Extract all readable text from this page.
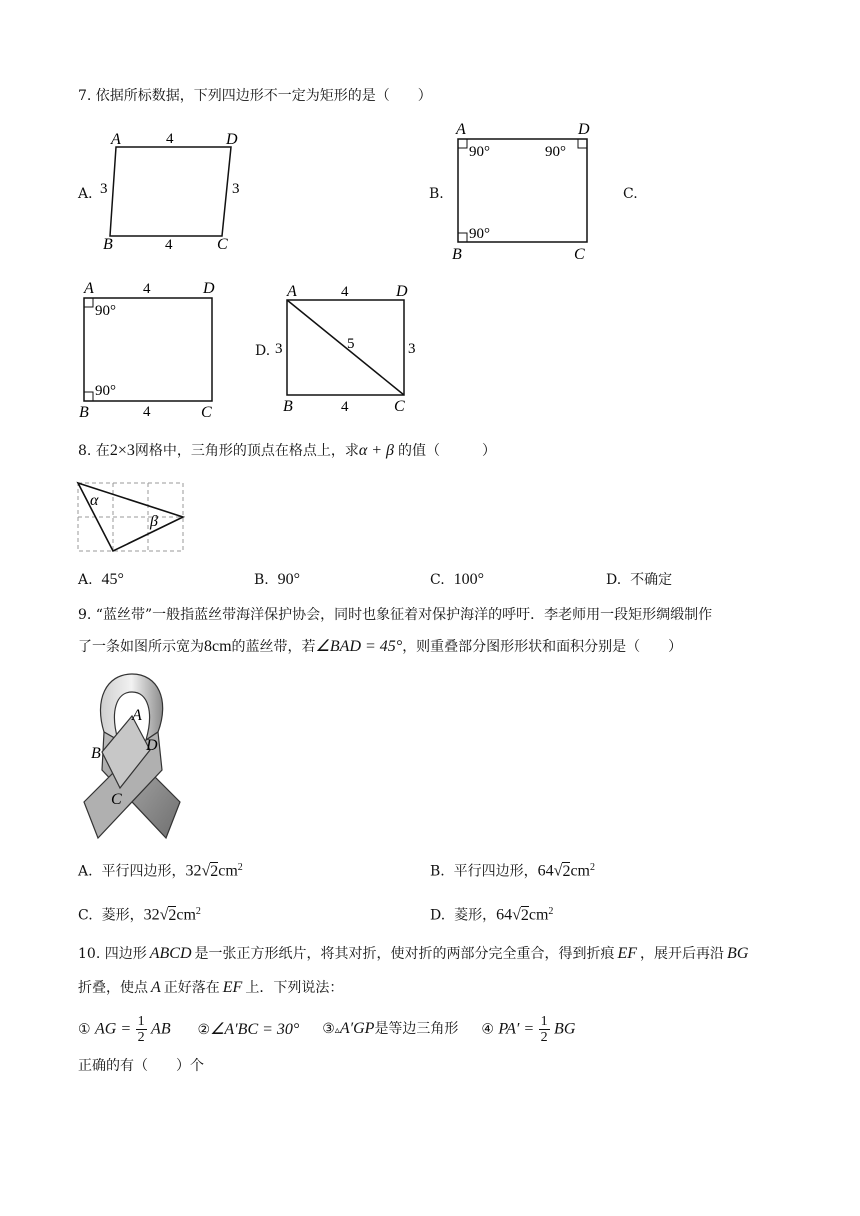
7. 依据所标数据，下列四边形不一定为矩形的是（　　）
A．
A	D
B	C
4
4
3	3	B.
A	D
B	C
90°	90°
90°
C.
A	D
B	C
4
4
90°
90°
D.
A	D
B	C
4
4
3	3
5
8. 在2×3网格中，三角形的顶点在格点上，求α + β 的值（　　　）
α
β
A. 45°	B. 90°	C. 100°	D. 不确定
9. “蓝丝带”一般指蓝丝带海洋保护协会，同时也象征着对保护海洋的呼吁．李老师用一段矩形绸缎制作
了一条如图所示宽为8cm的蓝丝带，若∠BAD = 45°，则重叠部分图形形状和面积分别是（　　）
A
B
C
D
A. 平行四边形，$32√2cm^2$	B. 平行四边形，$64√2cm^2$
C. 菱形，$32√2cm^2$	D. 菱形，$64√2cm^2$
10. 四边形 ABCD 是一张正方形纸片，将其对折，使对折的两部分完全重合，得到折痕 EF ，展开后再沿 BG
折叠，使点 A 正好落在 EF 上．下列说法：
① AG = $\frac{1}{2}$ AB ②∠A′BC = 30° ③▵A′GP是等边三角形 ④ $PA' = \frac{1}{2}$ BG
正确的有（　　）个
